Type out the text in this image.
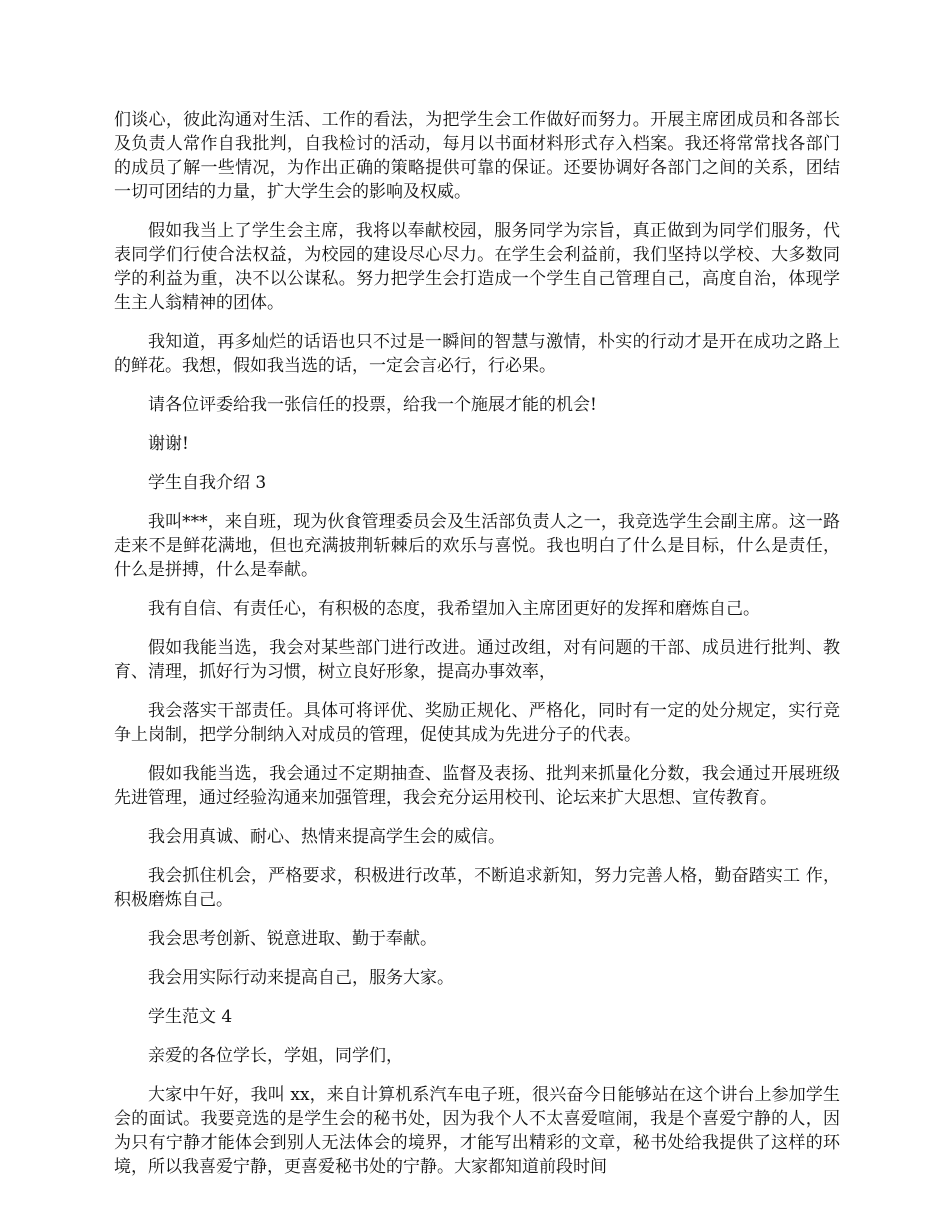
们谈心，彼此沟通对生活、工作的看法，为把学生会工作做好而努力。开展主席团成员和各部长及负责人常作自我批判，自我检讨的活动，每月以书面材料形式存入档案。我还将常常找各部门的成员了解一些情况，为作出正确的策略提供可靠的保证。还要协调好各部门之间的关系，团结一切可团结的力量，扩大学生会的影响及权威。

假如我当上了学生会主席，我将以奉献校园，服务同学为宗旨，真正做到为同学们服务，代表同学们行使合法权益，为校园的建设尽心尽力。在学生会利益前，我们坚持以学校、大多数同学的利益为重，决不以公谋私。努力把学生会打造成一个学生自己管理自己，高度自治，体现学生主人翁精神的团体。

我知道，再多灿烂的话语也只不过是一瞬间的智慧与激情，朴实的行动才是开在成功之路上的鲜花。我想，假如我当选的话，一定会言必行，行必果。

请各位评委给我一张信任的投票，给我一个施展才能的机会!

谢谢!

学生自我介绍 3

我叫***，来自班，现为伙食管理委员会及生活部负责人之一，我竞选学生会副主席。这一路走来不是鲜花满地，但也充满披荆斩棘后的欢乐与喜悦。我也明白了什么是目标，什么是责任，什么是拼搏，什么是奉献。

我有自信、有责任心，有积极的态度，我希望加入主席团更好的发挥和磨炼自己。

假如我能当选，我会对某些部门进行改进。通过改组，对有问题的干部、成员进行批判、教育、清理，抓好行为习惯，树立良好形象，提高办事效率，

我会落实干部责任。具体可将评优、奖励正规化、严格化，同时有一定的处分规定，实行竞争上岗制，把学分制纳入对成员的管理，促使其成为先进分子的代表。

假如我能当选，我会通过不定期抽查、监督及表扬、批判来抓量化分数，我会通过开展班级先进管理，通过经验沟通来加强管理，我会充分运用校刊、论坛来扩大思想、宣传教育。

我会用真诚、耐心、热情来提高学生会的威信。

我会抓住机会，严格要求，积极进行改革，不断追求新知，努力完善人格，勤奋踏实工 作，积极磨炼自己。

我会思考创新、锐意进取、勤于奉献。

我会用实际行动来提高自己，服务大家。

学生范文 4

亲爱的各位学长，学姐，同学们，

大家中午好，我叫 xx，来自计算机系汽车电子班，很兴奋今日能够站在这个讲台上参加学生会的面试。我要竞选的是学生会的秘书处，因为我个人不太喜爱喧闹，我是个喜爱宁静的人，因为只有宁静才能体会到别人无法体会的境界，才能写出精彩的文章，秘书处给我提供了这样的环境，所以我喜爱宁静，更喜爱秘书处的宁静。大家都知道前段时间
